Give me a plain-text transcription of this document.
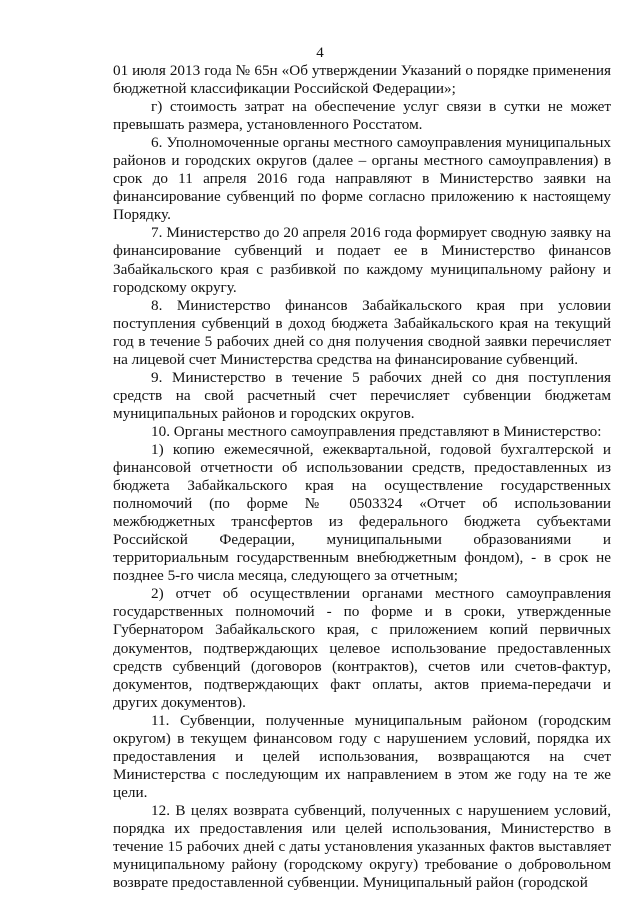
4

01 июля 2013 года № 65н «Об утверждении Указаний о порядке применения бюджетной классификации Российской Федерации»;

г) стоимость затрат на обеспечение услуг связи в сутки не может превышать размера, установленного Росстатом.

6. Уполномоченные органы местного самоуправления муниципальных районов и городских округов (далее – органы местного самоуправления) в срок до 11 апреля 2016 года направляют в Министерство заявки на финансирование субвенций по форме согласно приложению к настоящему Порядку.

7. Министерство до 20 апреля 2016 года формирует сводную заявку на финансирование субвенций и подает ее в Министерство финансов Забайкальского края с разбивкой по каждому муниципальному району и городскому округу.

8. Министерство финансов Забайкальского края при условии поступления субвенций в доход бюджета Забайкальского края на текущий год в течение 5 рабочих дней со дня получения сводной заявки перечисляет на лицевой счет Министерства средства на финансирование субвенций.

9. Министерство в течение 5 рабочих дней со дня поступления средств на свой расчетный счет перечисляет субвенции бюджетам муниципальных районов и городских округов.

10. Органы местного самоуправления представляют в Министерство:

1) копию ежемесячной, ежеквартальной, годовой бухгалтерской и финансовой отчетности об использовании средств, предоставленных из бюджета Забайкальского края на осуществление государственных полномочий (по форме № 0503324 «Отчет об использовании межбюджетных трансфертов из федерального бюджета субъектами Российской Федерации, муниципальными образованиями и территориальным государственным внебюджетным фондом), - в срок не позднее 5-го числа месяца, следующего за отчетным;

2) отчет об осуществлении органами местного самоуправления государственных полномочий - по форме и в сроки, утвержденные Губернатором Забайкальского края, с приложением копий первичных документов, подтверждающих целевое использование предоставленных средств субвенций (договоров (контрактов), счетов или счетов-фактур, документов, подтверждающих факт оплаты, актов приема-передачи и других документов).

11. Субвенции, полученные муниципальным районом (городским округом) в текущем финансовом году с нарушением условий, порядка их предоставления и целей использования, возвращаются на счет Министерства с последующим их направлением в этом же году на те же цели.

12. В целях возврата субвенций, полученных с нарушением условий, порядка их предоставления или целей использования, Министерство в течение 15 рабочих дней с даты установления указанных фактов выставляет муниципальному району (городскому округу) требование о добровольном возврате предоставленной субвенции. Муниципальный район (городской
